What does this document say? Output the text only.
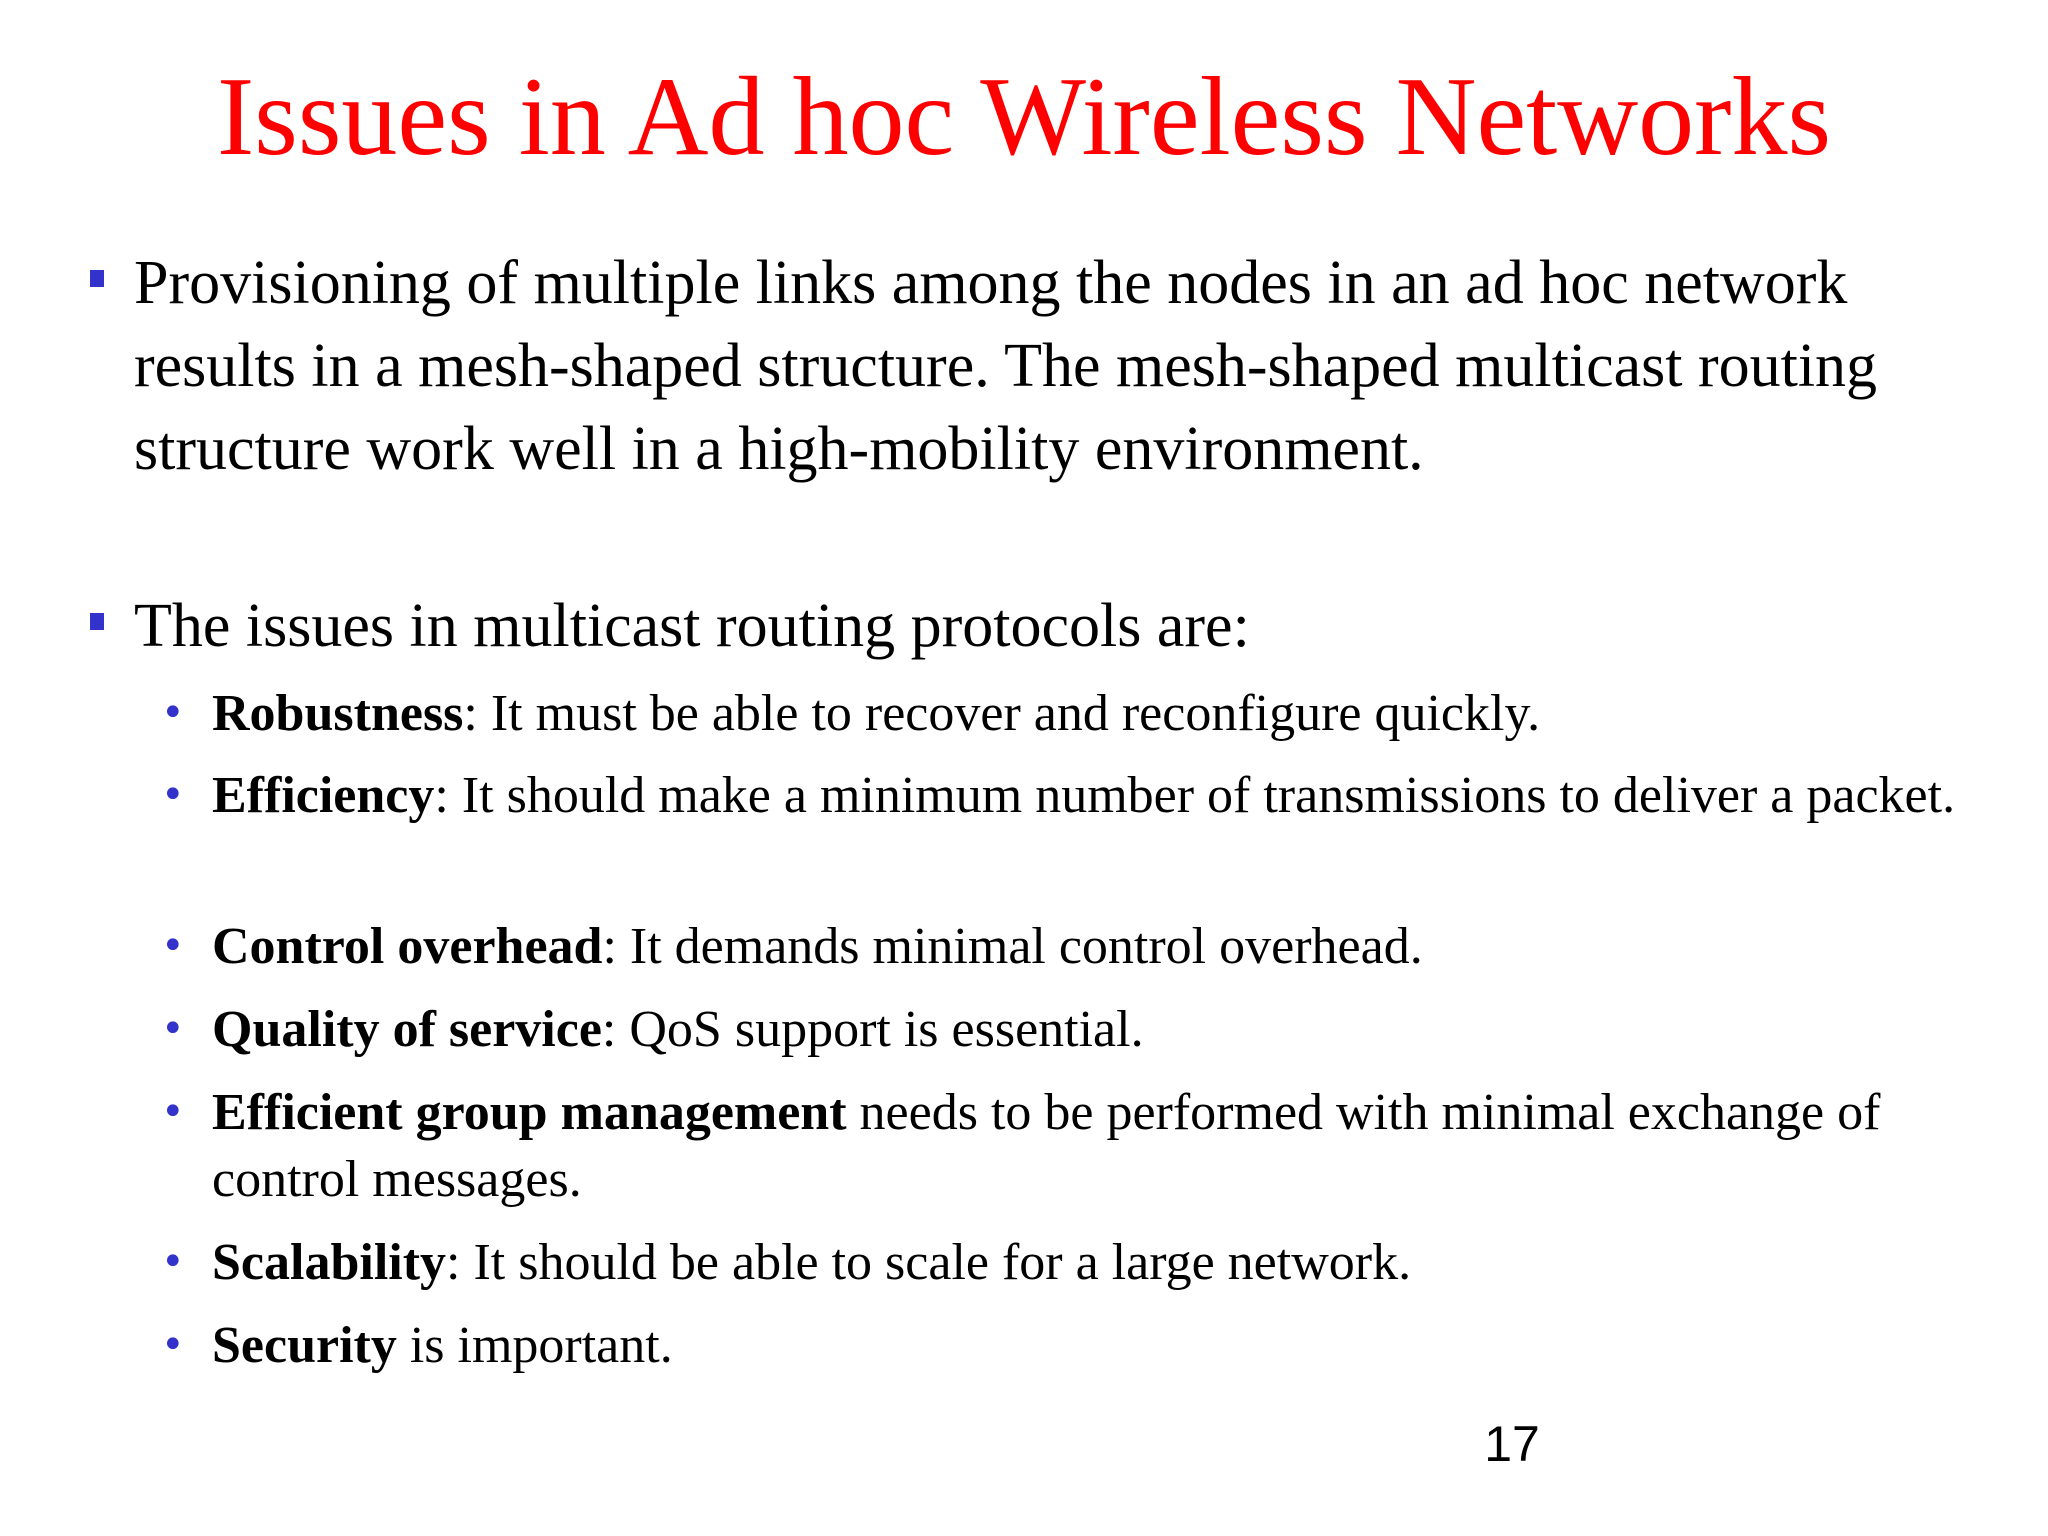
Issues in Ad hoc Wireless Networks
Provisioning of multiple links among the nodes in an ad hoc network results in a mesh-shaped structure. The mesh-shaped multicast routing structure work well in a high-mobility environment.
The issues in multicast routing protocols are:
• Robustness: It must be able to recover and reconfigure quickly.
• Efficiency: It should make a minimum number of transmissions to deliver a packet.
• Control overhead: It demands minimal control overhead.
• Quality of service: QoS support is essential.
• Efficient group management needs to be performed with minimal exchange of control messages.
• Scalability: It should be able to scale for a large network.
• Security is important.
17
